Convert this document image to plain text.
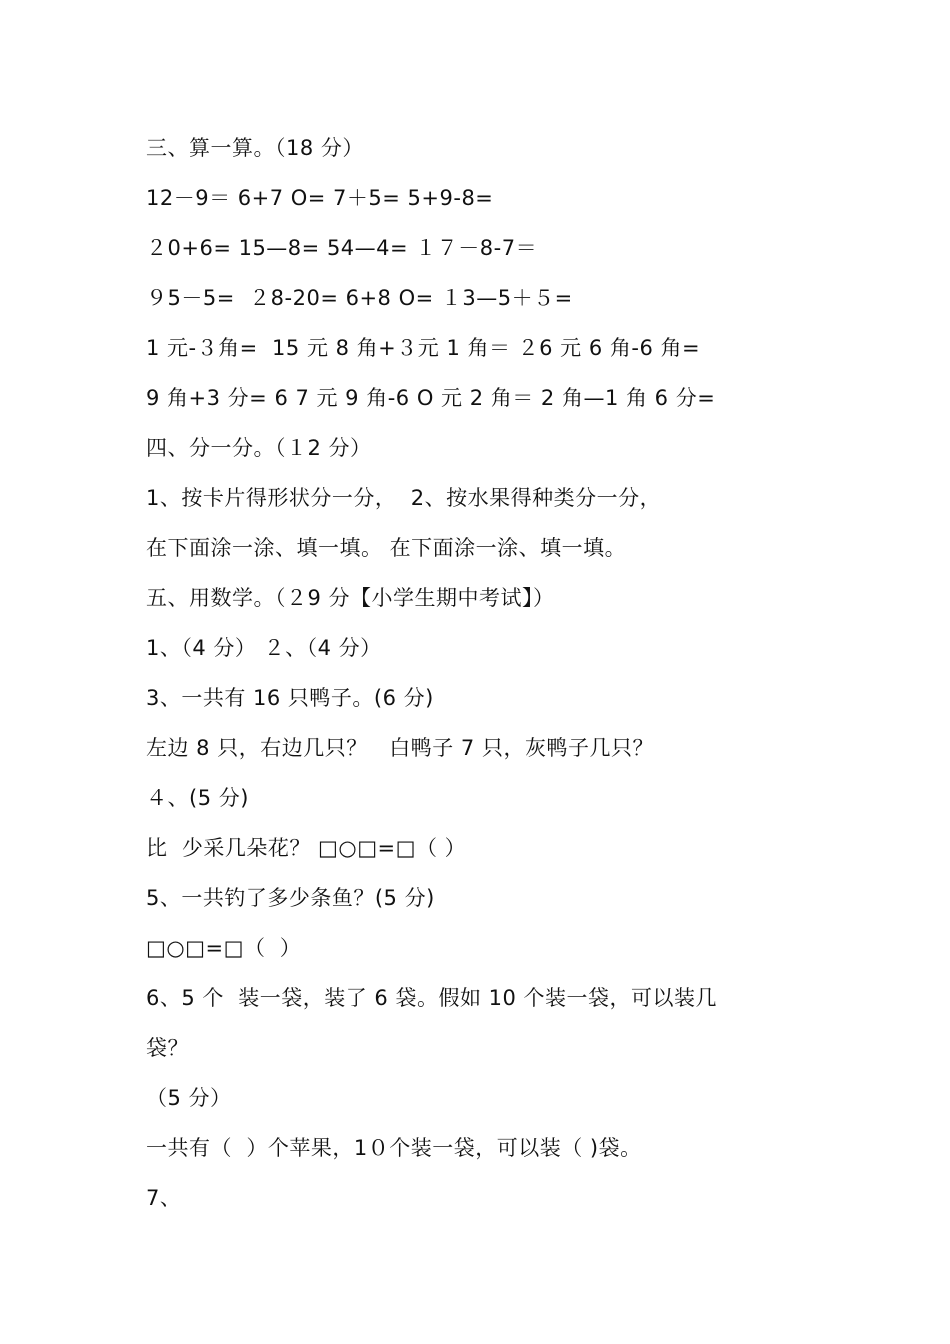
三、算一算。（18 分）
12－9＝ 6+7 O= 7＋5= 5+9-8=
２0+6= 15—8= 54—4= １７－8-7＝
９5－5=  ２8-20= 6+8 O= １3—5＋５=
1 元-３角=  15 元 8 角+３元 1 角＝ ２6 元 6 角-6 角=
9 角+3 分= 6 7 元 9 角-6 O 元 2 角＝ 2 角—1 角 6 分=
四、分一分。（１2 分）
1、按卡片得形状分一分，  2、按水果得种类分一分，
在下面涂一涂、填一填。 在下面涂一涂、填一填。
五、用数学。（２9 分【小学生期中考试】）
1、（4 分） ２、（4 分）
3、一共有 16 只鸭子。(6 分)
左边 8 只，右边几只？   白鸭子 7 只，灰鸭子几只？
４、(5 分)
比  少采几朵花？ □○□=□（ ）
5、一共钓了多少条鱼？(5 分)
□○□=□（  ）
6、5 个  装一袋，装了 6 袋。假如 10 个装一袋，可以装几
袋？
（5 分）
一共有（  ）个苹果，1０个装一袋，可以装（ )袋。
7、
